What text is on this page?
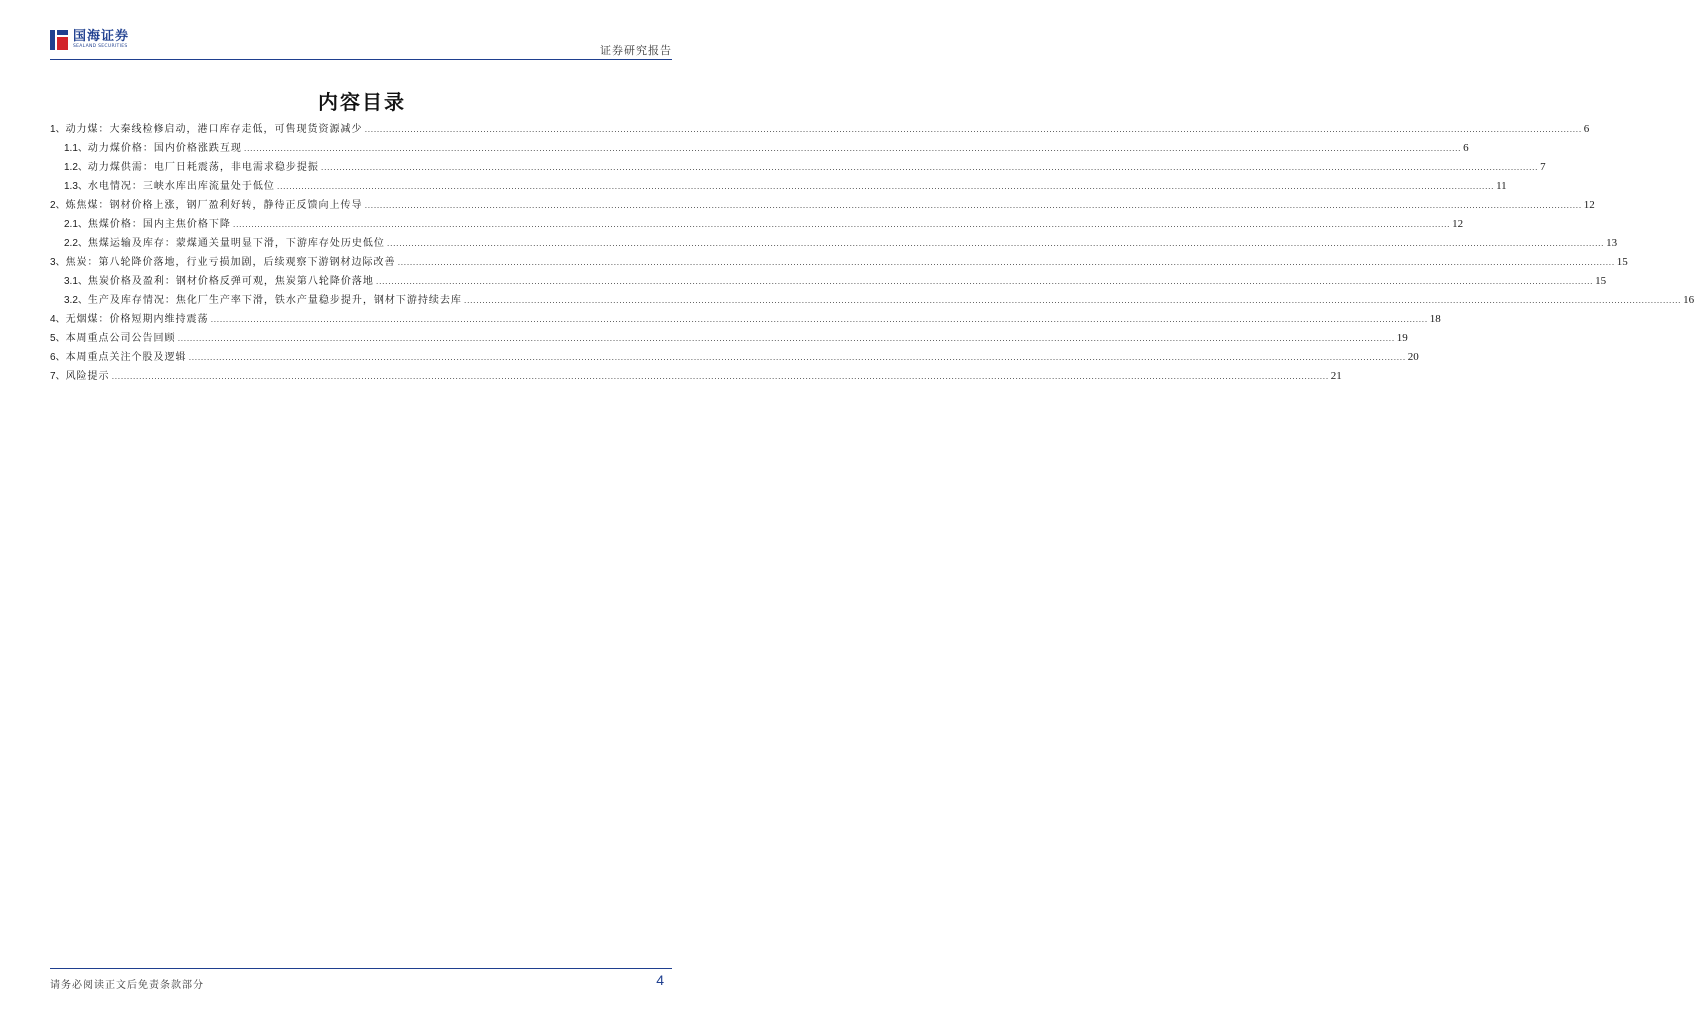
国海证券
SEALAND SECURITIES	证券研究报告
内容目录
1、 动力煤：大秦线检修启动，港口库存走低，可售现货资源减少 ................................................................................................................................................................................................................................................................................................................................................................................................................ 6
1.1、 动力煤价格：国内价格涨跌互现 ................................................................................................................................................................................................................................................................................................................................................................................................................ 6
1.2、 动力煤供需：电厂日耗震荡，非电需求稳步提振 ................................................................................................................................................................................................................................................................................................................................................................................................................ 7
1.3、 水电情况：三峡水库出库流量处于低位 ................................................................................................................................................................................................................................................................................................................................................................................................................ 11
2、 炼焦煤：钢材价格上涨，钢厂盈利好转，静待正反馈向上传导 ................................................................................................................................................................................................................................................................................................................................................................................................................ 12
2.1、 焦煤价格：国内主焦价格下降 ................................................................................................................................................................................................................................................................................................................................................................................................................ 12
2.2、 焦煤运输及库存：蒙煤通关量明显下滑，下游库存处历史低位 ................................................................................................................................................................................................................................................................................................................................................................................................................ 13
3、 焦炭：第八轮降价落地，行业亏损加剧，后续观察下游钢材边际改善 ................................................................................................................................................................................................................................................................................................................................................................................................................ 15
3.1、 焦炭价格及盈利：钢材价格反弹可观，焦炭第八轮降价落地 ................................................................................................................................................................................................................................................................................................................................................................................................................ 15
3.2、 生产及库存情况：焦化厂生产率下滑，铁水产量稳步提升，钢材下游持续去库 ................................................................................................................................................................................................................................................................................................................................................................................................................ 16
4、 无烟煤：价格短期内维持震荡 ................................................................................................................................................................................................................................................................................................................................................................................................................ 18
5、 本周重点公司公告回顾 ................................................................................................................................................................................................................................................................................................................................................................................................................ 19
6、 本周重点关注个股及逻辑 ................................................................................................................................................................................................................................................................................................................................................................................................................ 20
7、 风险提示 ................................................................................................................................................................................................................................................................................................................................................................................................................ 21
请务必阅读正文后免责条款部分	4
